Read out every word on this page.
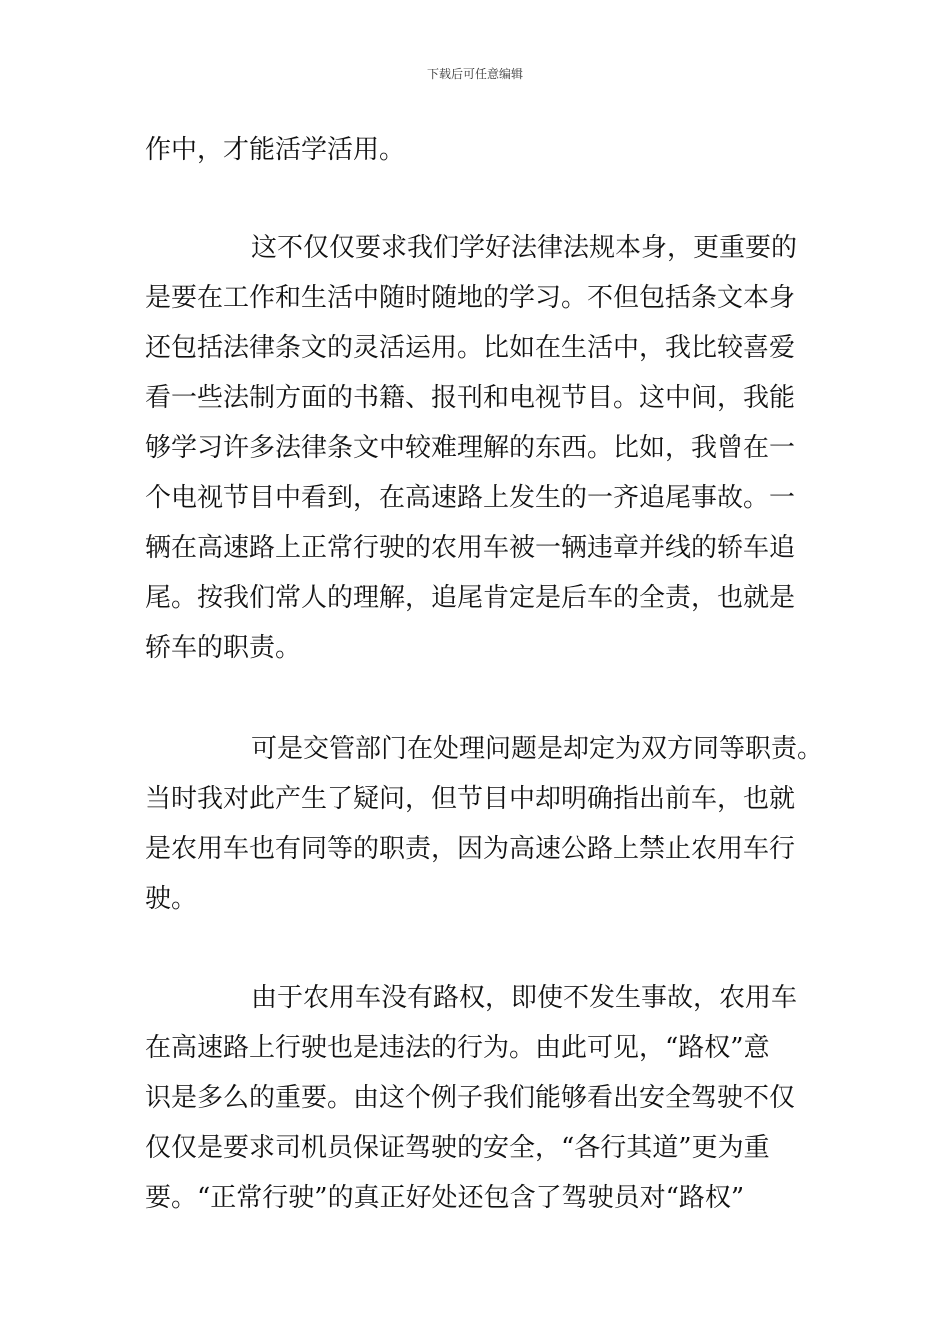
下载后可任意编辑
作中，才能活学活用。
这不仅仅要求我们学好法律法规本身，更重要的
是要在工作和生活中随时随地的学习。不但包括条文本身
还包括法律条文的灵活运用。比如在生活中，我比较喜爱
看一些法制方面的书籍、报刊和电视节目。这中间，我能
够学习许多法律条文中较难理解的东西。比如，我曾在一
个电视节目中看到，在高速路上发生的一齐追尾事故。一
辆在高速路上正常行驶的农用车被一辆违章并线的轿车追
尾。按我们常人的理解，追尾肯定是后车的全责，也就是
轿车的职责。
可是交管部门在处理问题是却定为双方同等职责。
当时我对此产生了疑问，但节目中却明确指出前车，也就
是农用车也有同等的职责，因为高速公路上禁止农用车行
驶。
由于农用车没有路权，即使不发生事故，农用车
在高速路上行驶也是违法的行为。由此可见，“路权”意
识是多么的重要。由这个例子我们能够看出安全驾驶不仅
仅仅是要求司机员保证驾驶的安全，“各行其道”更为重
要。“正常行驶”的真正好处还包含了驾驶员对“路权”
